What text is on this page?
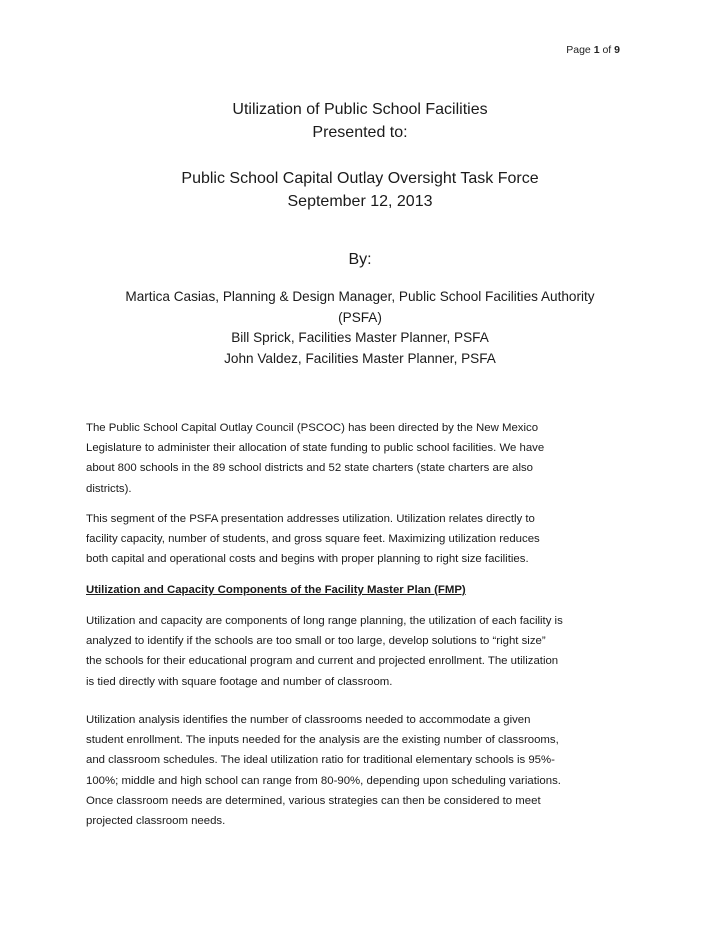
Page 1 of 9
Utilization of Public School Facilities
Presented to:
Public School Capital Outlay Oversight Task Force
September 12, 2013
By:
Martica Casias, Planning & Design Manager, Public School Facilities Authority
(PSFA)
Bill Sprick, Facilities Master Planner, PSFA
John Valdez, Facilities Master Planner, PSFA
The Public School Capital Outlay Council (PSCOC) has been directed by the New Mexico
Legislature to administer their allocation of state funding to public school facilities. We have
about 800 schools in the 89 school districts and 52 state charters (state charters are also
districts).
This segment of the PSFA presentation addresses utilization. Utilization relates directly to
facility capacity, number of students, and gross square feet. Maximizing utilization reduces
both capital and operational costs and begins with proper planning to right size facilities.
Utilization and Capacity Components of the Facility Master Plan (FMP)
Utilization and capacity are components of long range planning, the utilization of each facility is
analyzed to identify if the schools are too small or too large, develop solutions to “right size”
the schools for their educational program and current and projected enrollment. The utilization
is tied directly with square footage and number of classroom.
Utilization analysis identifies the number of classrooms needed to accommodate a given
student enrollment. The inputs needed for the analysis are the existing number of classrooms,
and classroom schedules. The ideal utilization ratio for traditional elementary schools is 95%-
100%; middle and high school can range from 80-90%, depending upon scheduling variations.
Once classroom needs are determined, various strategies can then be considered to meet
projected classroom needs.
